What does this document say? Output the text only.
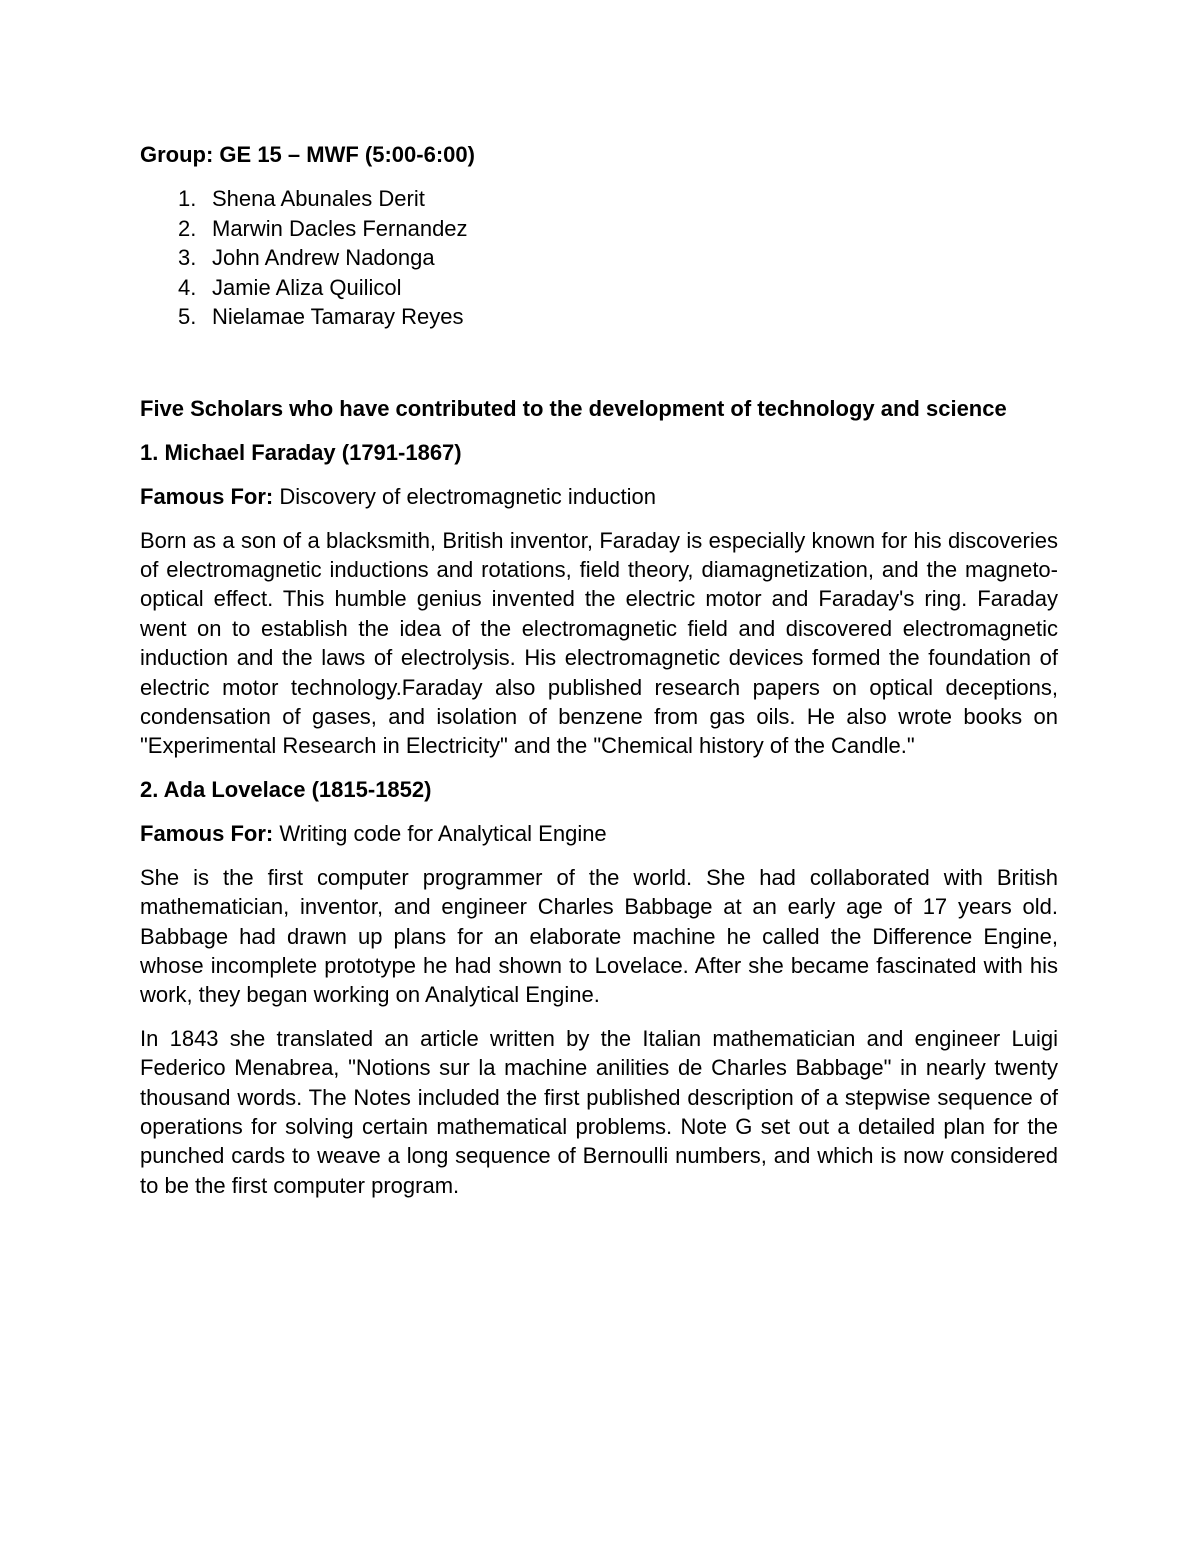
Group: GE 15 – MWF (5:00-6:00)
1. Shena Abunales Derit
2. Marwin Dacles Fernandez
3. John Andrew Nadonga
4. Jamie Aliza Quilicol
5. Nielamae Tamaray Reyes
Five Scholars who have contributed to the development of technology and science
1. Michael Faraday (1791-1867)
Famous For: Discovery of electromagnetic induction

Born as a son of a blacksmith, British inventor, Faraday is especially known for his discoveries of electromagnetic inductions and rotations, field theory, diamagnetization, and the magneto-optical effect. This humble genius invented the electric motor and Faraday's ring. Faraday went on to establish the idea of the electromagnetic field and discovered electromagnetic induction and the laws of electrolysis. His electromagnetic devices formed the foundation of electric motor technology.Faraday also published research papers on optical deceptions, condensation of gases, and isolation of benzene from gas oils. He also wrote books on "Experimental Research in Electricity" and the "Chemical history of the Candle."

2. Ada Lovelace (1815-1852)
Famous For: Writing code for Analytical Engine

She is the first computer programmer of the world. She had collaborated with British mathematician, inventor, and engineer Charles Babbage at an early age of 17 years old. Babbage had drawn up plans for an elaborate machine he called the Difference Engine, whose incomplete prototype he had shown to Lovelace. After she became fascinated with his work, they began working on Analytical Engine.

In 1843 she translated an article written by the Italian mathematician and engineer Luigi Federico Menabrea, "Notions sur la machine anilities de Charles Babbage" in nearly twenty thousand words. The Notes included the first published description of a stepwise sequence of operations for solving certain mathematical problems. Note G set out a detailed plan for the punched cards to weave a long sequence of Bernoulli numbers, and which is now considered to be the first computer program.
